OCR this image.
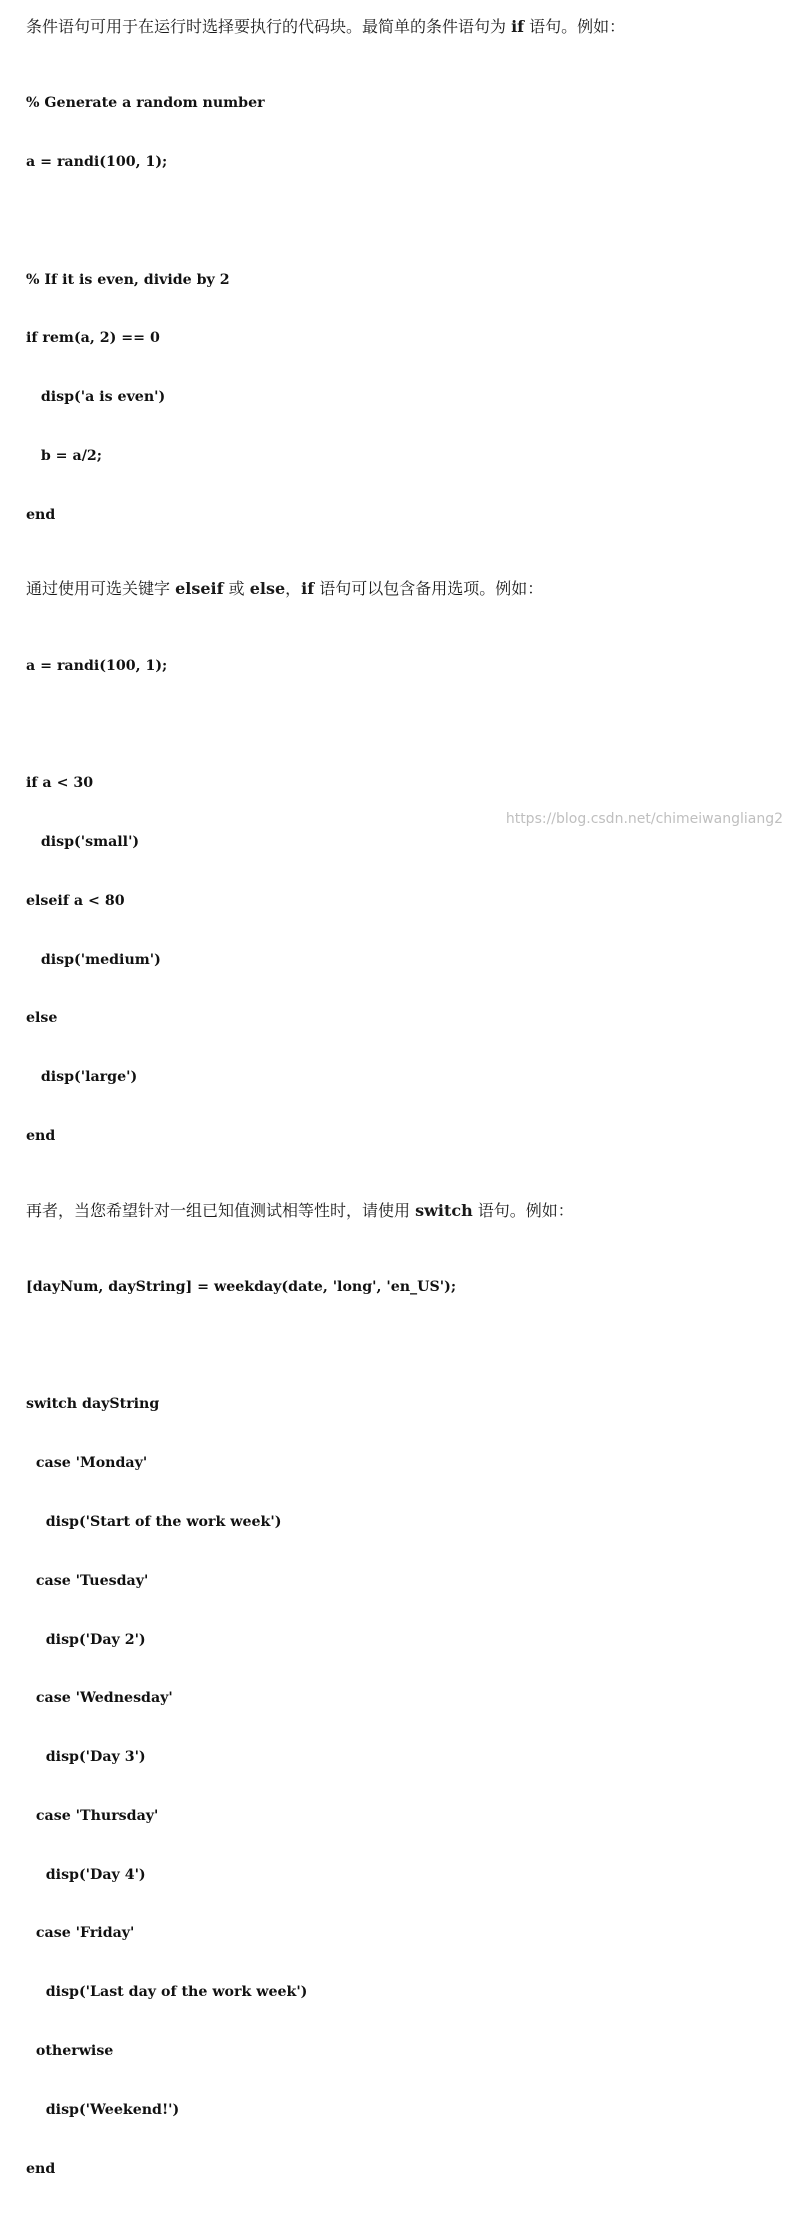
条件语句可用于在运行时选择要执行的代码块。最简单的条件语句为 if 语句。例如：

% Generate a random number

a = randi(100, 1);

% If it is even, divide by 2

if rem(a, 2) == 0

disp('a is even')

b = a/2;

end

通过使用可选关键字 elseif 或 else，if 语句可以包含备用选项。例如：

a = randi(100, 1);

if a < 30

disp('small')

elseif a < 80

disp('medium')

else

disp('large')

end

再者，当您希望针对一组已知值测试相等性时，请使用 switch 语句。例如：

[dayNum, dayString] = weekday(date, 'long', 'en_US');

switch dayString

case 'Monday'

disp('Start of the work week')

case 'Tuesday'

disp('Day 2')

case 'Wednesday'

disp('Day 3')

case 'Thursday'

disp('Day 4')

case 'Friday'

disp('Last day of the work week')

otherwise

disp('Weekend!')

end

https://blog.csdn.net/chimeiwangliang2
